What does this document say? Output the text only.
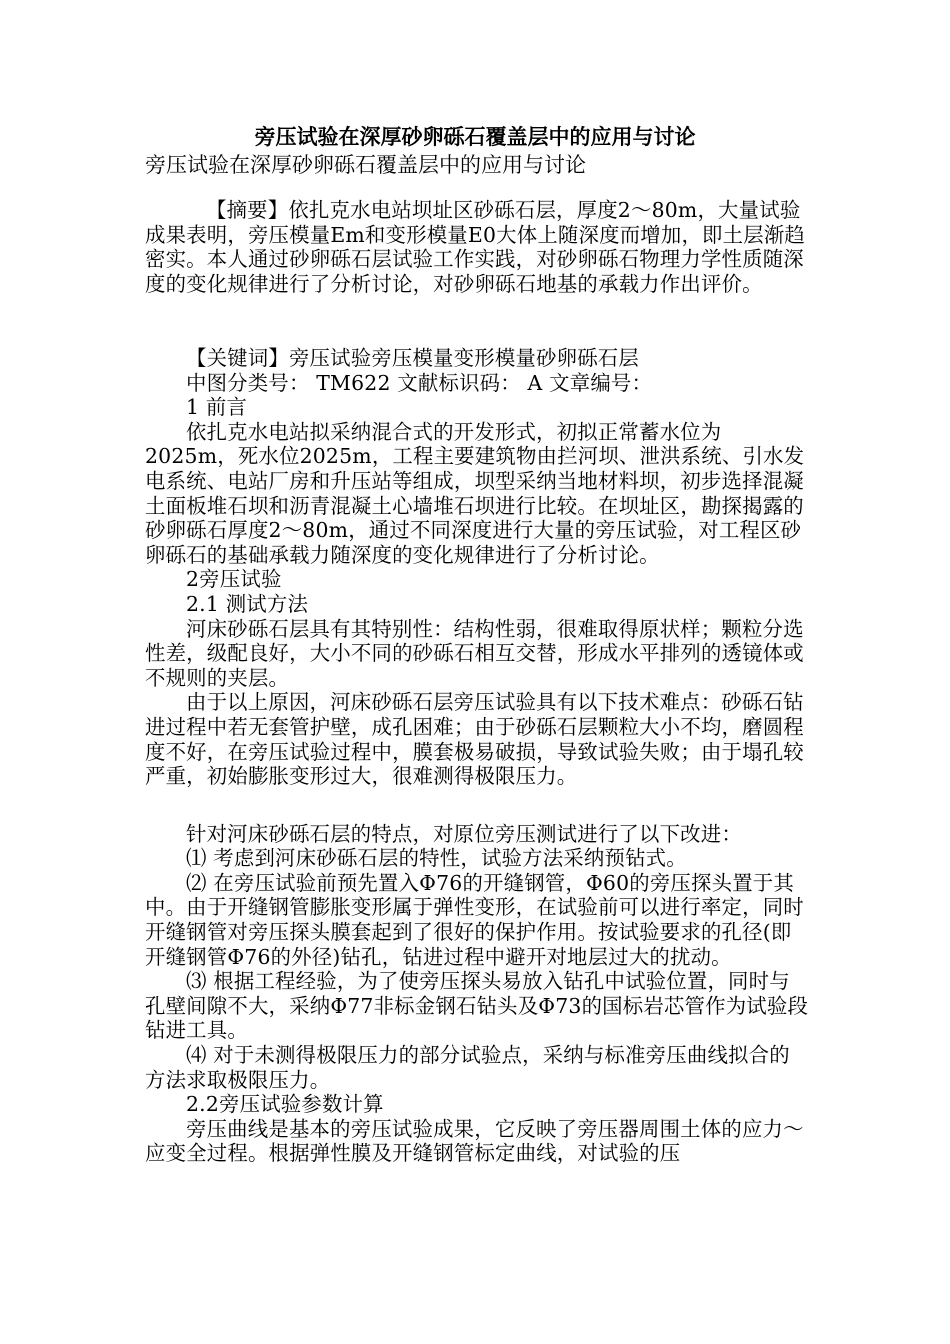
旁压试验在深厚砂卵砾石覆盖层中的应用与讨论
旁压试验在深厚砂卵砾石覆盖层中的应用与讨论

【摘要】依扎克水电站坝址区砂砾石层，厚度2～80m，大量试验成果表明，旁压模量Em和变形模量E0大体上随深度而增加，即土层渐趋密实。本人通过砂卵砾石层试验工作实践，对砂卵砾石物理力学性质随深度的变化规律进行了分析讨论，对砂卵砾石地基的承载力作出评价。

【关键词】旁压试验旁压模量变形模量砂卵砾石层

中图分类号： TM622 文献标识码： A 文章编号：

1 前言

依扎克水电站拟采纳混合式的开发形式，初拟正常蓄水位为2025m，死水位2025m，工程主要建筑物由拦河坝、泄洪系统、引水发电系统、电站厂房和升压站等组成，坝型采纳当地材料坝，初步选择混凝土面板堆石坝和沥青混凝土心墙堆石坝进行比较。在坝址区，勘探揭露的砂卵砾石厚度2～80m，通过不同深度进行大量的旁压试验，对工程区砂卵砾石的基础承载力随深度的变化规律进行了分析讨论。

2旁压试验

2.1 测试方法

河床砂砾石层具有其特别性：结构性弱，很难取得原状样；颗粒分选性差，级配良好，大小不同的砂砾石相互交替，形成水平排列的透镜体或不规则的夹层。

由于以上原因，河床砂砾石层旁压试验具有以下技术难点：砂砾石钻进过程中若无套管护壁，成孔困难；由于砂砾石层颗粒大小不均，磨圆程度不好，在旁压试验过程中，膜套极易破损，导致试验失败；由于塌孔较严重，初始膨胀变形过大，很难测得极限压力。

针对河床砂砾石层的特点，对原位旁压测试进行了以下改进：

⑴ 考虑到河床砂砾石层的特性，试验方法采纳预钻式。

⑵ 在旁压试验前预先置入Φ76的开缝钢管，Φ60的旁压探头置于其中。由于开缝钢管膨胀变形属于弹性变形，在试验前可以进行率定，同时开缝钢管对旁压探头膜套起到了很好的保护作用。按试验要求的孔径(即开缝钢管Φ76的外径)钻孔，钻进过程中避开对地层过大的扰动。

⑶ 根据工程经验，为了使旁压探头易放入钻孔中试验位置，同时与孔壁间隙不大，采纳Φ77非标金钢石钻头及Φ73的国标岩芯管作为试验段钻进工具。

⑷ 对于未测得极限压力的部分试验点，采纳与标准旁压曲线拟合的方法求取极限压力。

2.2旁压试验参数计算

旁压曲线是基本的旁压试验成果，它反映了旁压器周围土体的应力～应变全过程。根据弹性膜及开缝钢管标定曲线，对试验的压
